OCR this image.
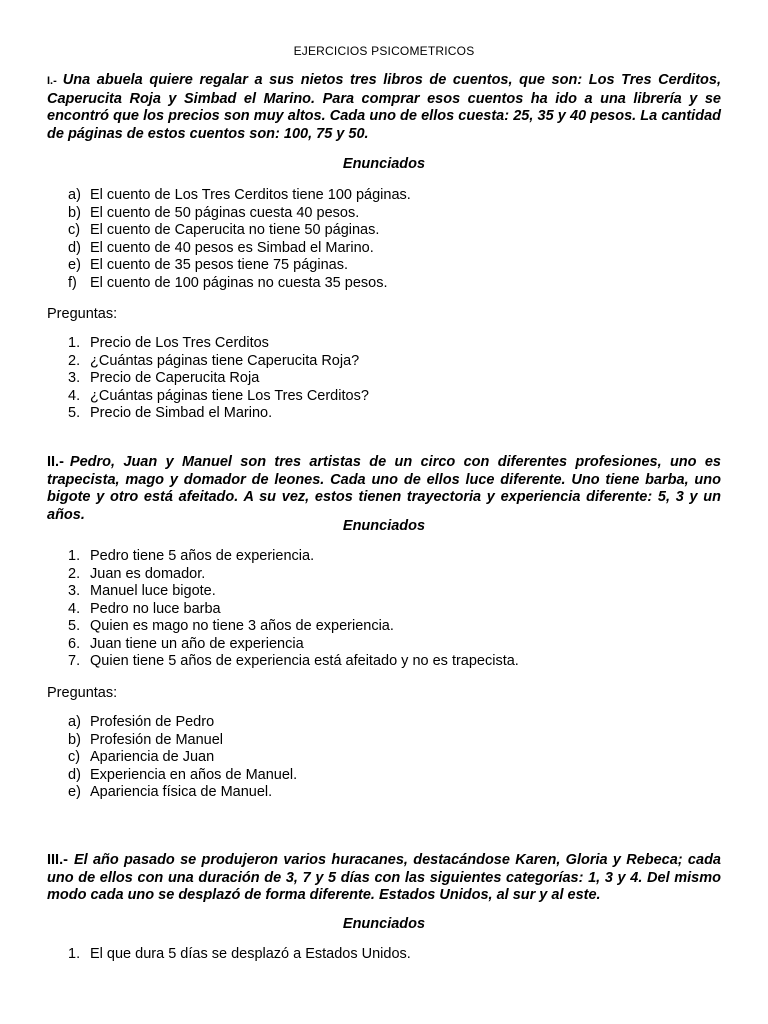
EJERCICIOS PSICOMETRICOS
I.- Una abuela quiere regalar a sus nietos tres libros de cuentos, que son: Los Tres Cerditos, Caperucita Roja y Simbad el Marino. Para comprar esos cuentos ha ido a una librería y se encontró que los precios son muy altos. Cada uno de ellos cuesta: 25, 35 y 40 pesos. La cantidad de páginas de estos cuentos son: 100, 75 y 50.
Enunciados
a) El cuento de Los Tres Cerditos tiene 100 páginas.
b) El cuento de 50 páginas cuesta 40 pesos.
c) El cuento de Caperucita no tiene 50 páginas.
d) El cuento de 40 pesos es Simbad el Marino.
e) El cuento de 35 pesos tiene 75 páginas.
f) El cuento de 100 páginas no cuesta 35 pesos.
Preguntas:
1. Precio de Los Tres Cerditos
2. ¿Cuántas páginas tiene Caperucita Roja?
3. Precio de Caperucita Roja
4. ¿Cuántas páginas tiene Los Tres Cerditos?
5. Precio de Simbad el Marino.
II.- Pedro, Juan y Manuel son tres artistas de un circo con diferentes profesiones, uno es trapecista, mago y domador de leones. Cada uno de ellos luce diferente. Uno tiene barba, uno bigote y otro está afeitado. A su vez, estos tienen trayectoria y experiencia diferente: 5, 3 y un años.
Enunciados
1. Pedro tiene 5 años de experiencia.
2. Juan es domador.
3. Manuel luce bigote.
4. Pedro no luce barba
5. Quien es mago no tiene 3 años de experiencia.
6. Juan tiene un año de experiencia
7. Quien tiene 5 años de experiencia está afeitado y no es trapecista.
Preguntas:
a) Profesión de Pedro
b) Profesión de Manuel
c) Apariencia de Juan
d) Experiencia en años de Manuel.
e) Apariencia física de Manuel.
III.- El año pasado se produjeron varios huracanes, destacándose Karen, Gloria y Rebeca; cada uno de ellos con una duración de 3, 7 y 5 días con las siguientes categorías: 1, 3 y 4. Del mismo modo cada uno se desplazó de forma diferente. Estados Unidos, al sur y al este.
Enunciados
1. El que dura 5 días se desplazó a Estados Unidos.
